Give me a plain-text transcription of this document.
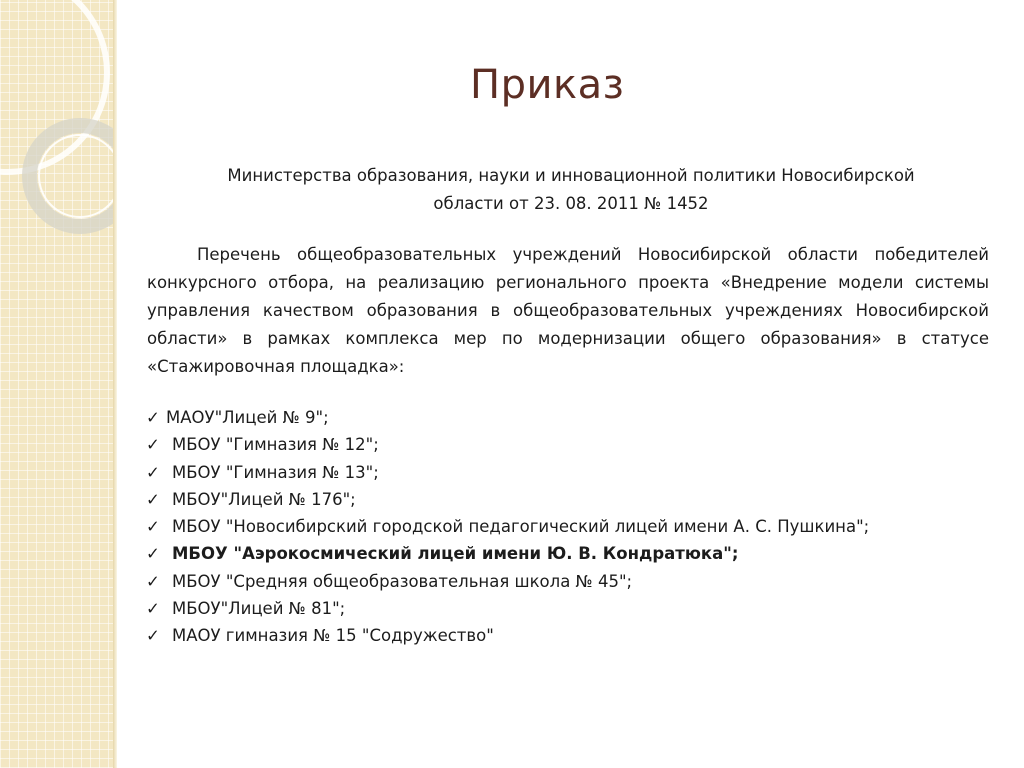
Приказ
Министерства образования, науки и инновационной политики Новосибирской
области от 23. 08. 2011 № 1452
Перечень общеобразовательных учреждений Новосибирской области победителей конкурсного отбора, на реализацию регионального проекта «Внедрение модели системы управления качеством образования в общеобразовательных учреждениях Новосибирской области» в рамках комплекса мер по модернизации общего образования» в статусе «Стажировочная площадка»:
✓ МАОУ"Лицей № 9";
✓ МБОУ "Гимназия № 12";
✓ МБОУ "Гимназия № 13";
✓ МБОУ"Лицей № 176";
✓ МБОУ "Новосибирский городской педагогический лицей имени А. С. Пушкина";
✓ МБОУ "Аэрокосмический лицей имени Ю. В. Кондратюка";
✓ МБОУ "Средняя общеобразовательная школа № 45";
✓ МБОУ"Лицей № 81";
✓ МАОУ гимназия № 15 "Содружество"
